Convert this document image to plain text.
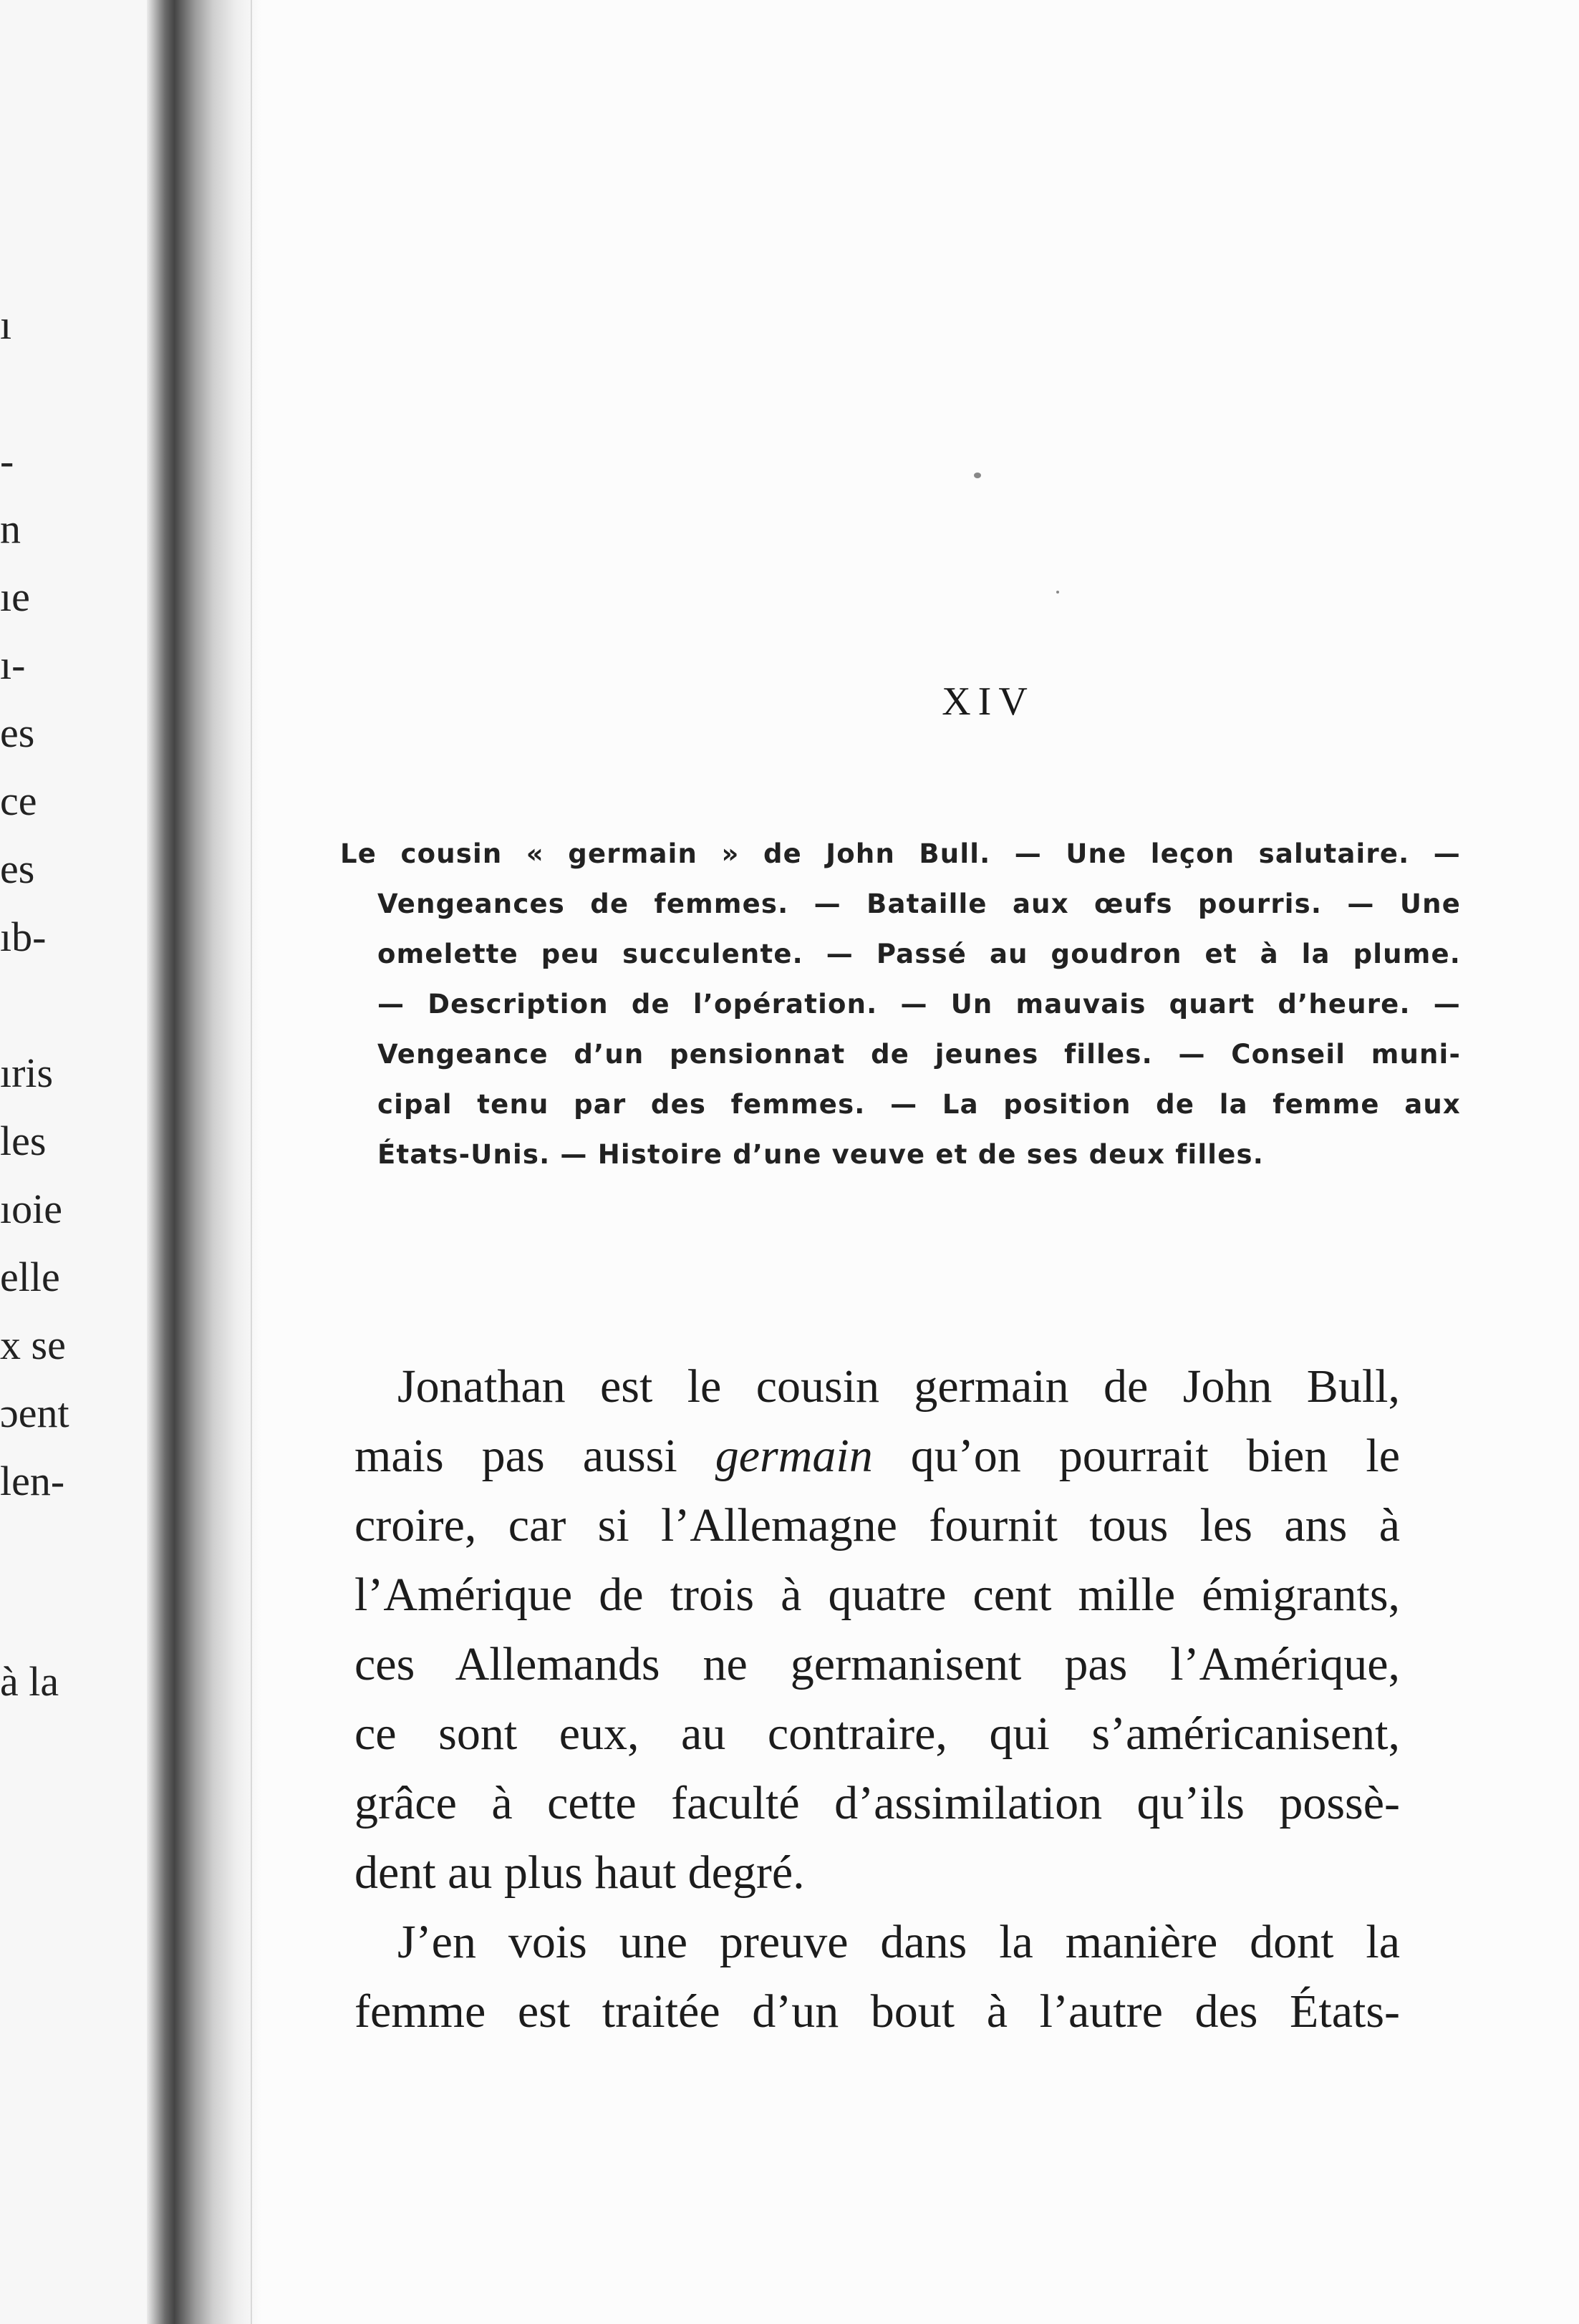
ı
-
n
ıe
ı-
es
ce
es
ıb-
ıris
les
ıoie
elle
x se
ɔent
len-
à la
XIV
Le cousin « germain » de John Bull. — Une leçon salutaire. —
Vengeances de femmes. — Bataille aux œufs pourris. — Une
omelette peu succulente. — Passé au goudron et à la plume.
— Description de l’opération. — Un mauvais quart d’heure. —
Vengeance d’un pensionnat de jeunes filles. — Conseil muni-
cipal tenu par des femmes. — La position de la femme aux
États-Unis. — Histoire d’une veuve et de ses deux filles.
Jonathan est le cousin germain de John Bull,
mais pas aussi germain qu’on pourrait bien le
croire, car si l’Allemagne fournit tous les ans à
l’Amérique de trois à quatre cent mille émigrants,
ces Allemands ne germanisent pas l’Amérique,
ce sont eux, au contraire, qui s’américanisent,
grâce à cette faculté d’assimilation qu’ils possè-
dent au plus haut degré.
J’en vois une preuve dans la manière dont la
femme est traitée d’un bout à l’autre des États-
